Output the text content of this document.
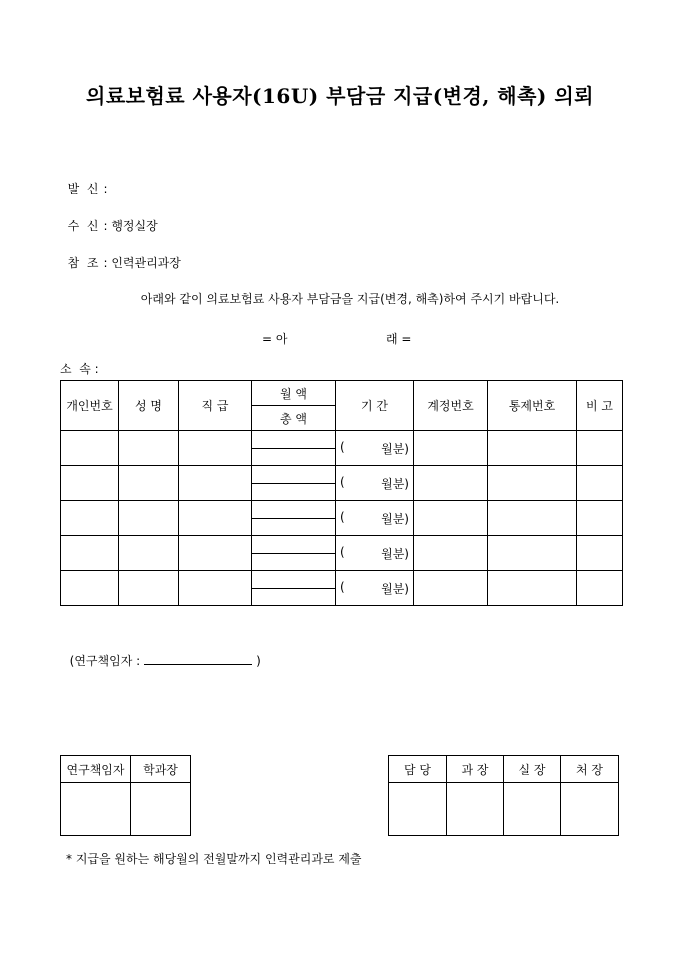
의료보험료 사용자(16U) 부담금 지급(변경, 해촉) 의뢰

발  신 :

수  신 : 행정실장

참  조 : 인력관리과장

아래와 같이 의료보험료 사용자 부담금을 지급(변경, 해촉)하여 주시기 바랍니다.
= 아	래 =
소  속 :
개인번호	성 명	직 급	월 액	기 간	계정번호	통제번호	비 고
			총 액				

				( 월분)			

				( 월분)			

				( 월분)			

				( 월분)			

				( 월분)			

(연구책임자 :	)

연구책임자	학과장
		담 당	과 장	실 장	처 장

* 지급을 원하는 해당월의 전월말까지 인력관리과로 제출
